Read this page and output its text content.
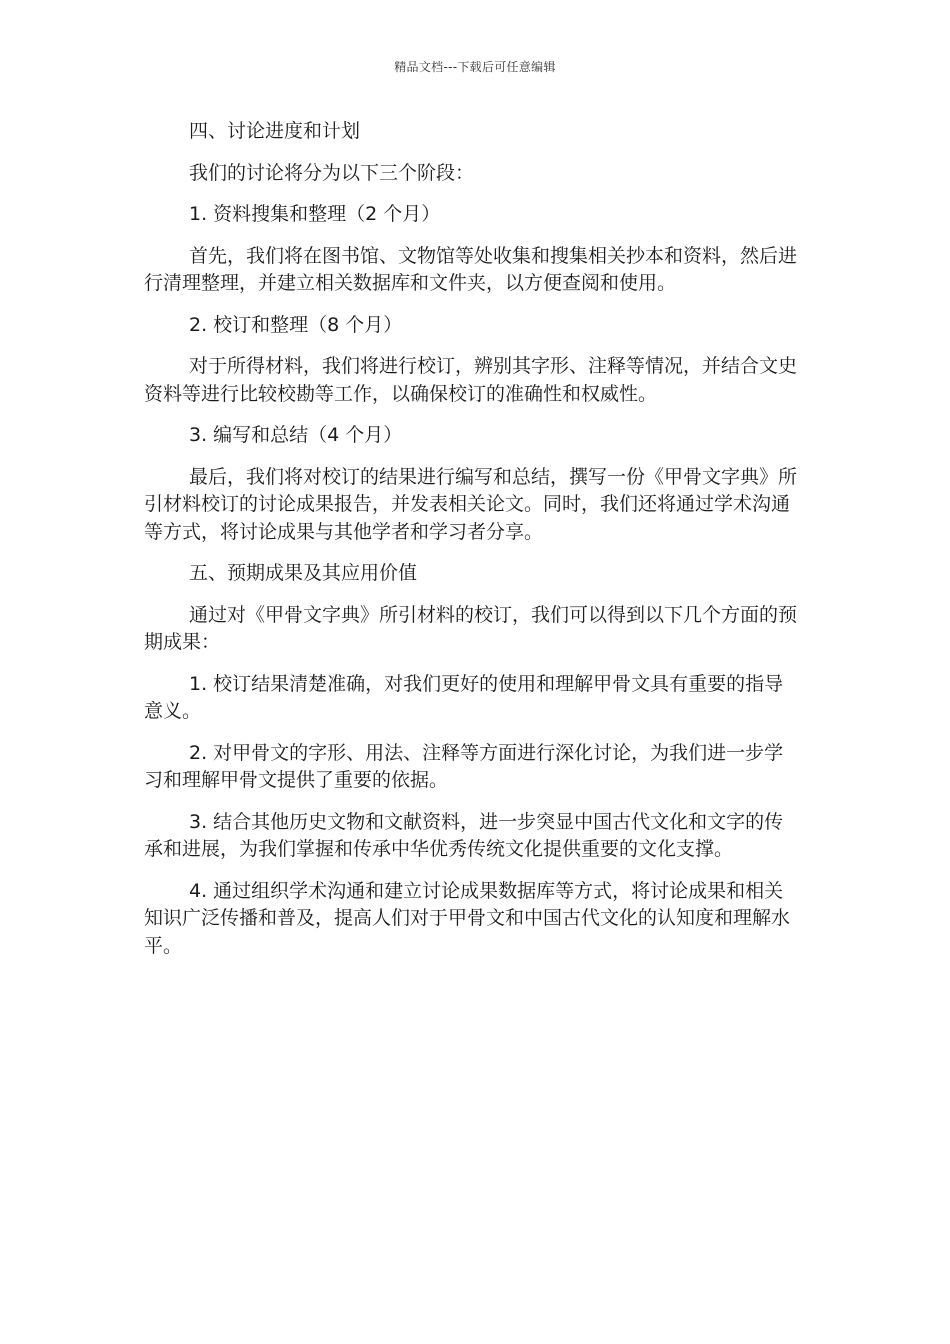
精品文档---下载后可任意编辑

四、讨论进度和计划

我们的讨论将分为以下三个阶段：

1. 资料搜集和整理（2 个月）

首先，我们将在图书馆、文物馆等处收集和搜集相关抄本和资料，然后进行清理整理，并建立相关数据库和文件夹，以方便查阅和使用。

2. 校订和整理（8 个月）

对于所得材料，我们将进行校订，辨别其字形、注释等情况，并结合文史资料等进行比较校勘等工作，以确保校订的准确性和权威性。

3. 编写和总结（4 个月）

最后，我们将对校订的结果进行编写和总结，撰写一份《甲骨文字典》所引材料校订的讨论成果报告，并发表相关论文。同时，我们还将通过学术沟通等方式，将讨论成果与其他学者和学习者分享。

五、预期成果及其应用价值

通过对《甲骨文字典》所引材料的校订，我们可以得到以下几个方面的预期成果：

1. 校订结果清楚准确，对我们更好的使用和理解甲骨文具有重要的指导意义。

2. 对甲骨文的字形、用法、注释等方面进行深化讨论，为我们进一步学习和理解甲骨文提供了重要的依据。

3. 结合其他历史文物和文献资料，进一步突显中国古代文化和文字的传承和进展，为我们掌握和传承中华优秀传统文化提供重要的文化支撑。

4. 通过组织学术沟通和建立讨论成果数据库等方式，将讨论成果和相关知识广泛传播和普及，提高人们对于甲骨文和中国古代文化的认知度和理解水平。
